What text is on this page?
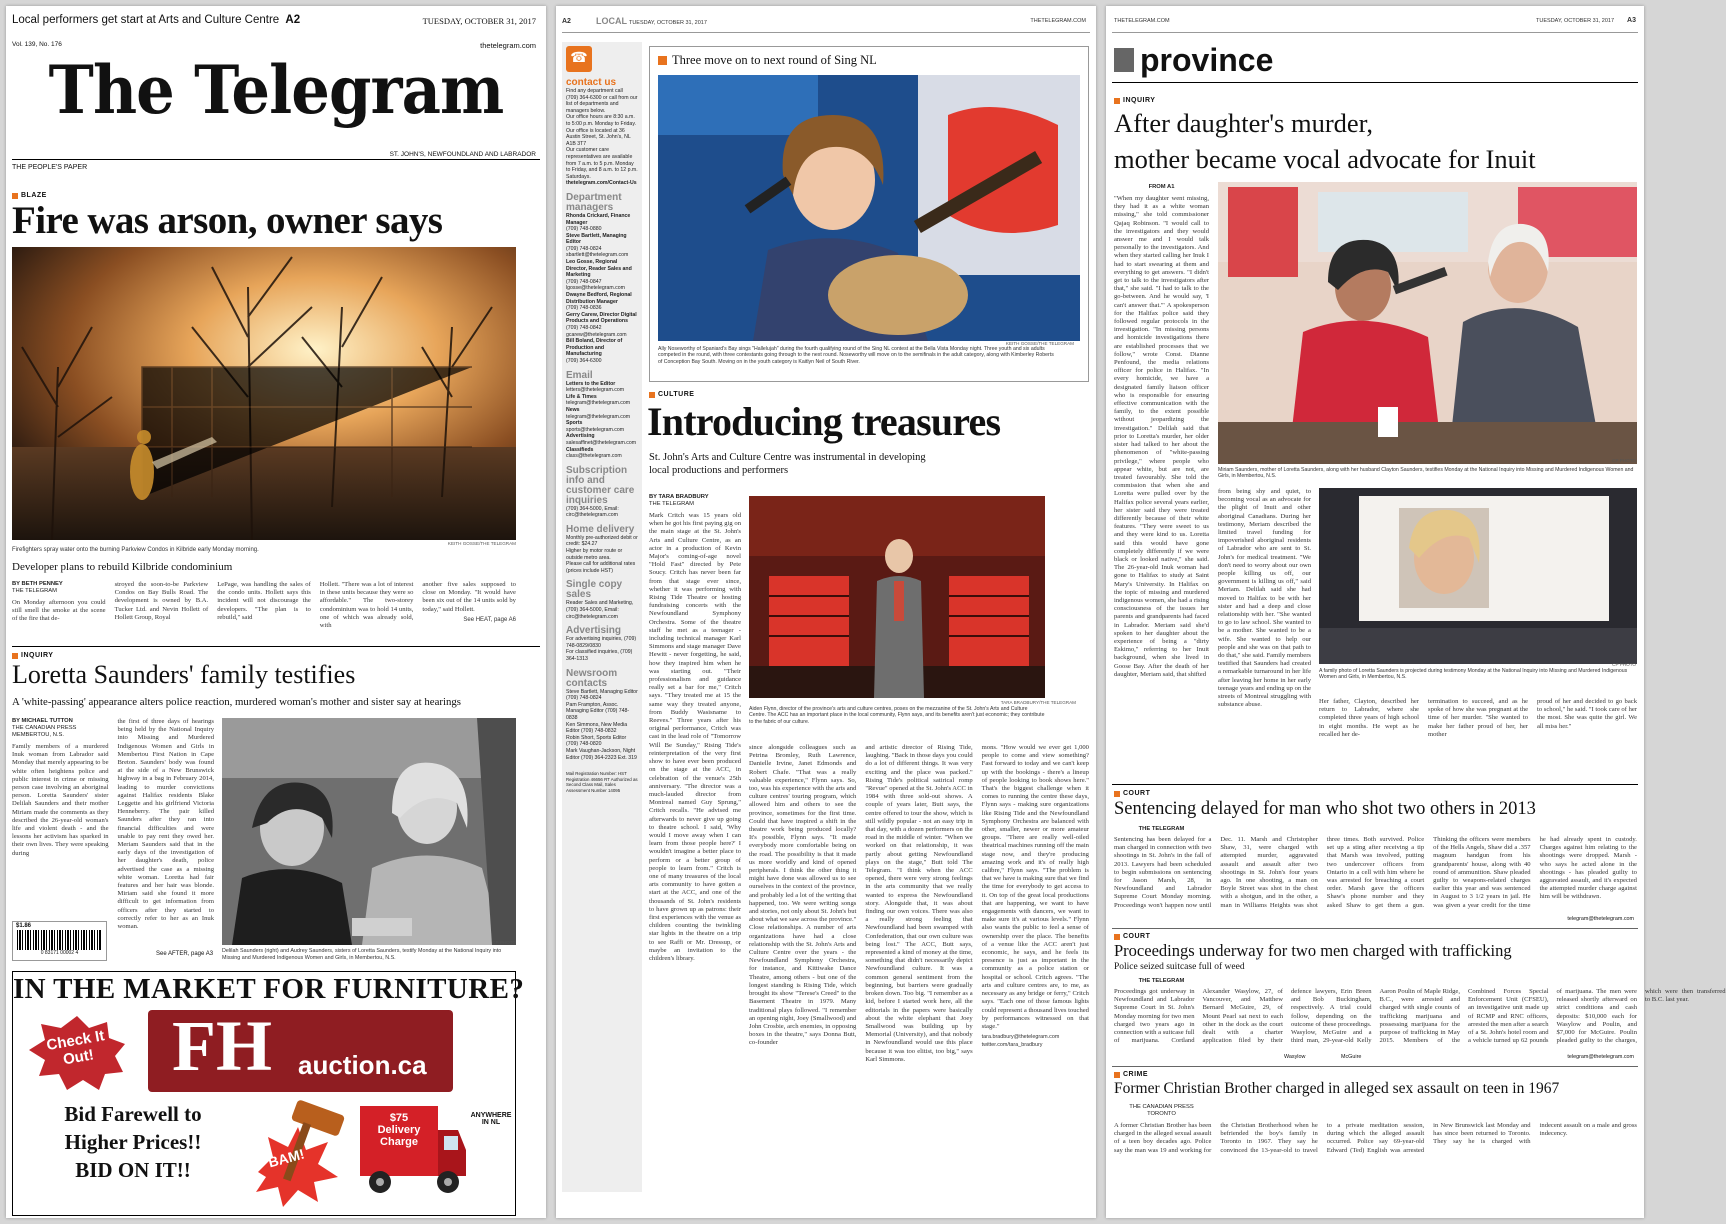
Local performers get start at Arts and Culture Centre A2	TUESDAY, OCTOBER 31, 2017
Vol. 139, No. 176	thetelegram.com
The Telegram
THE PEOPLE'S PAPER
ST. JOHN'S, NEWFOUNDLAND AND LABRADOR
BLAZE
Fire was arson, owner says
Firefighters spray water onto the burning Parkview Condos in Kilbride early Monday morning.
KEITH GOSSE/THE TELEGRAM
Developer plans to rebuild Kilbride condominium
BY BETH PENNEY
THE TELEGRAM
On Monday afternoon you could still smell the smoke at the scene of the fire that de-
stroyed the soon-to-be Parkview Condos on Bay Bulls Road. The development is owned by B.A. Tucker Ltd. and Nevin Hollett of Hollett Group, Royal
LePage, was handling the sales of the condo units. Hollett says this incident will not discourage the developers. "The plan is to rebuild," said
Hollett. "There was a lot of interest in these units because they were so affordable." The two-storey condominium was to hold 14 units, one of which was already sold, with
another five sales supposed to close on Monday. "It would have been six out of the 14 units sold by today," said Hollett.
See HEAT, page A6
INQUIRY
Loretta Saunders' family testifies
A 'white-passing' appearance alters police reaction, murdered woman's mother and sister say at hearings
BY MICHAEL TUTTON
THE CANADIAN PRESS
MEMBERTOU, N.S.
Family members of a murdered Inuk woman from Labrador said Monday that merely appearing to be white often heightens police and public interest in crime or missing person case involving an aboriginal person. Loretta Saunders' sister Delilah Saunders and their mother Miriam made the comments as they described the 26-year-old woman's life and violent death - and the lessons her activism has sparked in their own lives. They were speaking during
the first of three days of hearings being held by the National Inquiry into Missing and Murdered Indigenous Women and Girls in Membertou First Nation in Cape Breton. Saunders' body was found at the side of a New Brunswick highway in a bag in February 2014, leading to murder convictions against Halifax residents Blake Leggette and his girlfriend Victoria Henneberry. The pair killed Saunders after they ran into financial difficulties and were unable to pay rent they owed her. Meriam Saunders said that in the early days of the investigation of her daughter's death, police advertised the case as a missing white woman. Loretta had fair features and her hair was blonde. Miriam said she found it more difficult to get information from officers after they started to correctly refer to her as an Inuk woman.
$1.86
0 83171 00002 4	See AFTER, page A3 Delilah Saunders (right) and Audrey Saunders, sisters of Loretta Saunders, testify Monday at the National Inquiry into Missing and Murdered Indigenous Women and Girls, in Membertou, N.S.
CP PHOTO
IN THE MARKET FOR FURNITURE?
Check It Out!	FH auction.ca
Bid Farewell to
Higher Prices!!
BID ON IT!!	BAM!
$75
Delivery Charge
ANYWHERE IN NL
A2	LOCAL TUESDAY, OCTOBER 31, 2017	THETELEGRAM.COM
☎
contact us
Find any department call
(709) 364-6300 or call from our list of departments and managers below.
Our office hours are 8:30 a.m. to 5:00 p.m. Monday to Friday.
Our office is located at 36 Austin Street, St. John's, NL A1B 3T7
Our customer care representatives are available from 7 a.m. to 5 p.m. Monday to Friday, and 8 a.m. to 12 p.m. Saturdays.
thetelegram.com/Contact-Us
Department managers
Rhonda Crickard, Finance Manager
(709) 748-0880
Steve Bartlett, Managing Editor
(709) 748-0824 sbartlett@thetelegram.com
Leo Gosse, Regional Director, Reader Sales and Marketing
(709) 748-0847 lgosse@thetelegram.com
Dwayne Bedford, Regional Distribution Manager
(709) 748-0836
Gerry Carew, Director Digital Products and Operations
(709) 748-0842 gcarew@thetelegram.com
Bill Boland, Director of Production and Manufacturing
(709) 364-6300
Email
Letters to the Editor
letters@thetelegram.com
Life & Times
telegram@thetelegram.com
News
telegram@thetelegram.com
Sports
sports@thetelegram.com
Advertising
salesaffinet@thetelegram.com
Classifieds
class@thetelegram.com
Subscription info and customer care inquiries
(709) 364-5000, Email: circ@thetelegram.com
Home delivery
Monthly pre-authorized debit or credit: $24.27
Higher by motor route or outside metro area.
Please call for additional rates (prices include HST)
Single copy sales
Reader Sales and Marketing, (709) 364-5000, Email: circ@thetelegram.com
Advertising
For advertising inquiries, (709) 748-0829/0830
For classified inquiries, (709) 364-1313
Newsroom contacts
Steve Bartlett, Managing Editor (709) 748-0824
Pam Frampton, Assoc. Managing Editor (709) 748-0838
Ken Simmons, New Media Editor (709) 748-0832
Robin Short, Sports Editor (709) 748-0820
Mark Vaughan-Jackson, Night Editor (709) 364-2323 Ext. 319
Mail Registration Number: HST Registration 46656 RT Authorized as Second Class Mail, Sales Assessment Number 14095
Three move on to next round of Sing NL
Ally Noseworthy of Spaniard's Bay sings "Hallelujah" during the fourth qualifying round of the Sing NL contest at the Bella Vista Monday night. Three youth and six adults competed in the round, with three contestants going through to the next round. Noseworthy will move on to the semifinals in the adult category, along with Kimberley Roberts of Conception Bay South. Moving on in the youth category is Kaitlyn Neil of South River.
KEITH GOSSE/THE TELEGRAM
CULTURE
Introducing treasures
St. John's Arts and Culture Centre was instrumental in developing local productions and performers
BY TARA BRADBURY
THE TELEGRAM
Mark Critch was 15 years old when he got his first paying gig on the main stage at the St. John's Arts and Culture Centre, as an actor in a production of Kevin Major's coming-of-age novel "Hold Fast" directed by Pete Soucy. Critch has never been far from that stage ever since, whether it was performing with Rising Tide Theatre or hosting fundraising concerts with the Newfoundland Symphony Orchestra. Some of the theatre staff he met as a teenager - including technical manager Karl Simmons and stage manager Dave Hewitt - never forgetting, he said, how they inspired him when he was starting out. "Their professionalism and guidance really set a bar for me," Critch says. "They treated me at 15 the same way they treated anyone, from Buddy Wasisname to Reeves." Three years after his original performance, Critch was cast in the lead role of "Tomorrow Will Be Sunday," Rising Tide's reinterpretation of the very first show to have ever been produced on the stage at the ACC, in celebration of the venue's 25th anniversary. "The director was a much-lauded director from Montreal named Guy Sprung," Critch recalls. "He advised me afterwards to never give up going to theatre school. I said, 'Why would I move away when I can learn from those people here?' I wouldn't imagine a better place to perform or a better group of people to learn from." Critch is one of many treasures of the local arts community to have gotten a start at the ACC, and one of the thousands of St. John's residents to have grown up as patrons: their first experiences with the venue as children counting the twinkling star lights in the theatre on a trip to see Raffi or Mr. Dressup, or maybe an invitation to the children's library.
Aiden Flynn, director of the province's arts and culture centres, poses on the mezzanine of the St. John's Arts and Culture Centre. The ACC has an important place in the local community, Flynn says, and its benefits aren't just economic; they contribute to the fabric of our culture.
TARA BRADBURY/THE TELEGRAM
since alongside colleagues such as Petrina Bromley, Ruth Lawrence, Danielle Irvine, Janet Edmonds and Robert Chafe. "That was a really valuable experience," Flynn says. So, too, was his experience with the arts and culture centres' touring program, which allowed him and others to see the province, sometimes for the first time. Could that have inspired a shift in the theatre work being produced locally? It's possible, Flynn says. "It made everybody more comfortable being on the road. The possibility is that it made us more worldly and kind of opened peripherals. I think the other thing it might have done was allowed us to see ourselves in the context of the province, and probably led a lot of the writing that happened, too. We were writing songs and stories, not only about St. John's but about what we saw across the province." Close relationships. A number of arts organizations have had a close relationship with the St. John's Arts and Culture Centre over the years - the Newfoundland Symphony Orchestra, for instance, and Kittiwake Dance Theatre, among others - but one of the longest standing is Rising Tide, which brought its show "Terese's Creed" to the Basement Theatre in 1979. Many traditional plays followed. "I remember an opening night, Joey (Smallwood) and John Crosbie, arch enemies, in opposing boxes in the theatre," says Donna Butt, co-founder
and artistic director of Rising Tide, laughing. "Back in those days you could do a lot of different things. It was very exciting and the place was packed." Rising Tide's political satirical romp "Revue" opened at the St. John's ACC in 1984 with three sold-out shows. A couple of years later, Butt says, the centre offered to tour the show, which is still wildly popular - not an easy trip in that day, with a dozen performers on the road in the middle of winter. "When we worked on that relationship, it was partly about getting Newfoundland plays on the stage," Butt told The Telegram. "I think when the ACC opened, there were very strong feelings in the arts community that we really wanted to express the Newfoundland story. Alongside that, it was about finding our own voices. There was also a really strong feeling that Newfoundland had been swamped with Confederation, that our own culture was being lost." The ACC, Butt says, represented a kind of money at the time, something that didn't necessarily depict Newfoundland culture. It was a common general sentiment from the beginning, but barriers were gradually broken down. Too big. "I remember as a kid, before I started work here, all the editorials in the papers were basically about the white elephant that Joey Smallwood was building up by Memorial (University), and that nobody in Newfoundland would use this place because it was too elitist, too big," says Karl Simmons.
mons. "How would we ever get 1,000 people to come and view something? Fast forward to today and we can't keep up with the bookings - there's a lineup of people looking to book shows here." That's the biggest challenge when it comes to running the centre these days, Flynn says - making sure organizations like Rising Tide and the Newfoundland Symphony Orchestra are balanced with other, smaller, newer or more amateur groups. "There are really well-oiled theatrical machines running off the main stage now, and they're producing amazing work and it's of really high calibre," Flynn says. "The problem is that we have is making sure that we find the time for everybody to get access to it. On top of the great local productions that are happening, we want to have engagements with dancers, we want to make sure it's at various levels." Flynn also wants the public to feel a sense of ownership over the place. The benefits of a venue like the ACC aren't just economic, he says, and he feels its presence is just as important in the community as a police station or hospital or school. Critch agrees. "The arts and culture centres are, to me, as necessary as any bridge or ferry," Critch says. "Each one of those famous lights could represent a thousand lives touched by performances witnessed on that stage."
tara.bradbury@thetelegram.com
twitter.com/tara_bradbury
THETELEGRAM.COM	TUESDAY, OCTOBER 31, 2017 A3
province
INQUIRY
After daughter's murder,
mother became vocal advocate for Inuit
FROM A1
"When my daughter went missing, they had it as a white woman missing," she told commissioner Qajaq Robinson. "I would call to the investigators and they would answer me and I would talk personally to the investigators. And when they started calling her Inuk I had to start swearing at them and everything to get answers. "I didn't get to talk to the investigators after that," she said. "I had to talk to the go-between. And he would say, 'I can't answer that.'" A spokesperson for the Halifax police said they followed regular protocols in the investigation. "In missing persons and homicide investigations there are established processes that we follow," wrote Const. Dianne Penfound, the media relations officer for police in Halifax. "In every homicide, we have a designated family liaison officer who is responsible for ensuring effective communication with the family, to the extent possible without jeopardizing the investigation." Delilah said that prior to Loretta's murder, her older sister had talked to her about the phenomenon of "white-passing privilege," where people who appear white, but are not, are treated favourably. She told the commission that when she and Loretta were pulled over by the Halifax police several years earlier, her sister said they were treated differently because of their white features. "They were sweet to us and they were kind to us. Loretta said this would have gone completely differently if we were black or looked native," she said. The 26-year-old Inuk woman had gone to Halifax to study at Saint Mary's University. In Halifax on the topic of missing and murdered indigenous women, she had a rising consciousness of the issues her parents and grandparents had faced in Labrador. Meriam said she'd spoken to her daughter about the experience of being a "dirty Eskimo," referring to her Inuit background, when she lived in Goose Bay. After the death of her daughter, Meriam said, that shifted
Miriam Saunders, mother of Loretta Saunders, along with her husband Clayton Saunders, testifies Monday at the National Inquiry into Missing and Murdered Indigenous Women and Girls, in Membertou, N.S.
CP PHOTO
from being shy and quiet, to becoming vocal as an advocate for the plight of Inuit and other aboriginal Canadians. During her testimony, Meriam described the limited travel funding for impoverished aboriginal residents of Labrador who are sent to St. John's for medical treatment. "We don't need to worry about our own people killing us off, our government is killing us off," said Meriam. Delilah said she had moved to Halifax to be with her sister and had a deep and close relationship with her. "She wanted to go to law school. She wanted to be a mother. She wanted to be a wife. She wanted to help our people and she was on that path to do that," she said. Family members testified that Saunders had created a remarkable turnaround in her life after leaving her home in her early teenage years and ending up on the streets of Montreal struggling with substance abuse.
A family photo of Loretta Saunders is projected during testimony Monday at the National Inquiry into Missing and Murdered Indigenous Women and Girls, in Membertou, N.S.
CP PHOTO
Her father, Clayton, described her return to Labrador, where she completed three years of high school in eight months. He wept as he recalled her de-
termination to succeed, and as he spoke of how she was pregnant at the time of her murder. "She wanted to make her father proud of her, her mother
proud of her and decided to go back to school," he said. "I took care of her the most. She was quite the girl. We all miss her."
COURT
Sentencing delayed for man who shot two others in 2013
THE TELEGRAM
Sentencing has been delayed for a man charged in connection with two shootings in St. John's in the fall of 2013. Lawyers had been scheduled to begin submissions on sentencing for Jason Marsh, 28, in Newfoundland and Labrador Supreme Court Monday morning. Proceedings won't happen now until Dec. 11. Marsh and Christopher Shaw, 31, were charged with attempted murder, aggravated assault and assault after two shootings in St. John's four years ago. In one shooting, a man on Boyle Street was shot in the chest with a shotgun, and in the other, a man in Williams Heights was shot three times. Both survived. Police set up a sting after receiving a tip that Marsh was involved, putting two undercover officers from Ontario in a cell with him where he was arrested for breaching a court order. Marsh gave the officers Shaw's phone number and they asked Shaw to get them a gun. Thinking the officers were members of the Hells Angels, Shaw did a .357 magnum handgun from his grandparents' house, along with 40 round of ammunition. Shaw pleaded guilty to weapons-related charges earlier this year and was sentenced in August to 3 1/2 years in jail. He was given a year credit for the time he had already spent in custody. Charges against him relating to the shootings were dropped. Marsh - who says he acted alone in the shootings - has pleaded guilty to aggravated assault, and it's expected the attempted murder charge against him will be withdrawn.
telegram@thetelegram.com
COURT
Proceedings underway for two men charged with trafficking
Police seized suitcase full of weed
THE TELEGRAM
Proceedings got underway in Newfoundland and Labrador Supreme Court in St. John's Monday morning for two men charged two years ago in connection with a suitcase full of marijuana. Cortland Alexander Wasylow, 27, of Vancouver, and Matthew Bernard McGuire, 29, of Mount Pearl sat next to each other in the dock as the court dealt with a charter application filed by their defence lawyers, Erin Breen and Bob Buckingham, respectively. A trial could follow, depending on the outcome of these proceedings. Wasylow, McGuire and a third man, 29-year-old Kelly Aaron Poulin of Maple Ridge, B.C., were arrested and charged with single counts of trafficking marijuana and possessing marijuana for the purpose of trafficking in May 2015. Members of the Combined Forces Special Enforcement Unit (CFSEU), an investigative unit made up of RCMP and RNC officers, arrested the men after a search of a St. John's hotel room and a vehicle turned up 62 pounds of marijuana. The men were released shortly afterward on strict conditions and cash deposits: $10,000 each for Wasylow and Poulin, and $7,000 for McGuire. Poulin pleaded guilty to the charges, which were then transferred to B.C. last year.
Wasylow	McGuire	telegram@thetelegram.com
CRIME
Former Christian Brother charged in alleged sex assault on teen in 1967
THE CANADIAN PRESS
TORONTO
A former Christian Brother has been charged in the alleged sexual assault of a teen boy decades ago. Police say the man was 19 and working for the Christian Brotherhood when he befriended the boy's family in Toronto in 1967. They say he convinced the 13-year-old to travel to a private meditation session, during which the alleged assault occurred. Police say 69-year-old Edward (Ted) English was arrested in New Brunswick last Monday and has since been returned to Toronto. They say he is charged with indecent assault on a male and gross indecency.
